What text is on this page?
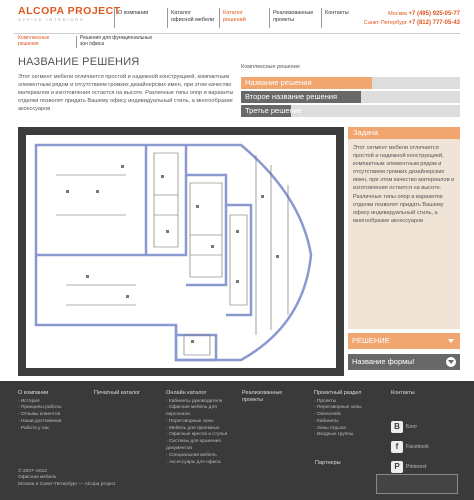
ALCOPA PROJECT
OFFICE INTERIORS
О компании	Каталог офисной мебели
Каталог решений
Реализованные проекты
Контакты	Москва +7 (495) 925-05-77
Санкт-Петербург +7 (812) 777-05-43
Комплексные решения
Решения для функциональных зон офиса
НАЗВАНИЕ РЕШЕНИЯ
Этот сегмент мебели отличается простой и надежной конструкцией, компактным элементным рядом и отсутствием громких дизайнерских имен, при этом качество материалов и изготовления остается на высоте. Различные типы опор и варианты отделки позволят придать Вашему офису индивидуальный стиль, а многообразие аксессуаров
Комплексные решения
Название решения
Второе название решения
Третье решение
Задача
Этот сегмент мебели отличается простой и надежной конструкцией, компактным элементным рядом и отсутствием громких дизайнерских имен, при этом качество материалов и изготовления остается на высоте. Различные типы опор и вариантки отделки позволят придать Вашему офису индивидуальный стиль, а многообразие аксессуаров
РЕШЕНИЕ
Название формы!
О компании
› История
› Принципы работы
› Отзывы клиентов
› Наши достижения
› Работа у нас
Печатный каталог	Онлайн каталог
› Кабинеты руководителя
› Офисная мебель для персонала
› Переговорные зоны
› Мебель для приемных
› Офисные кресла и стулья
› Системы для хранения документов
› Специальная мебель
› Аксессуары для офиса
Реализованные проекты
Проектный раздел
› Проекты
› Переговорные зоны
› Опенспейс
› Кабинеты
› Зоны отдыха
› Входные группы
Контакты
B	Блог
f	Facebook
P	Pinterest
Партнеры
© 2007–2012
Офисная мебель
Москва и Санкт-Петербург — Alcopa project
